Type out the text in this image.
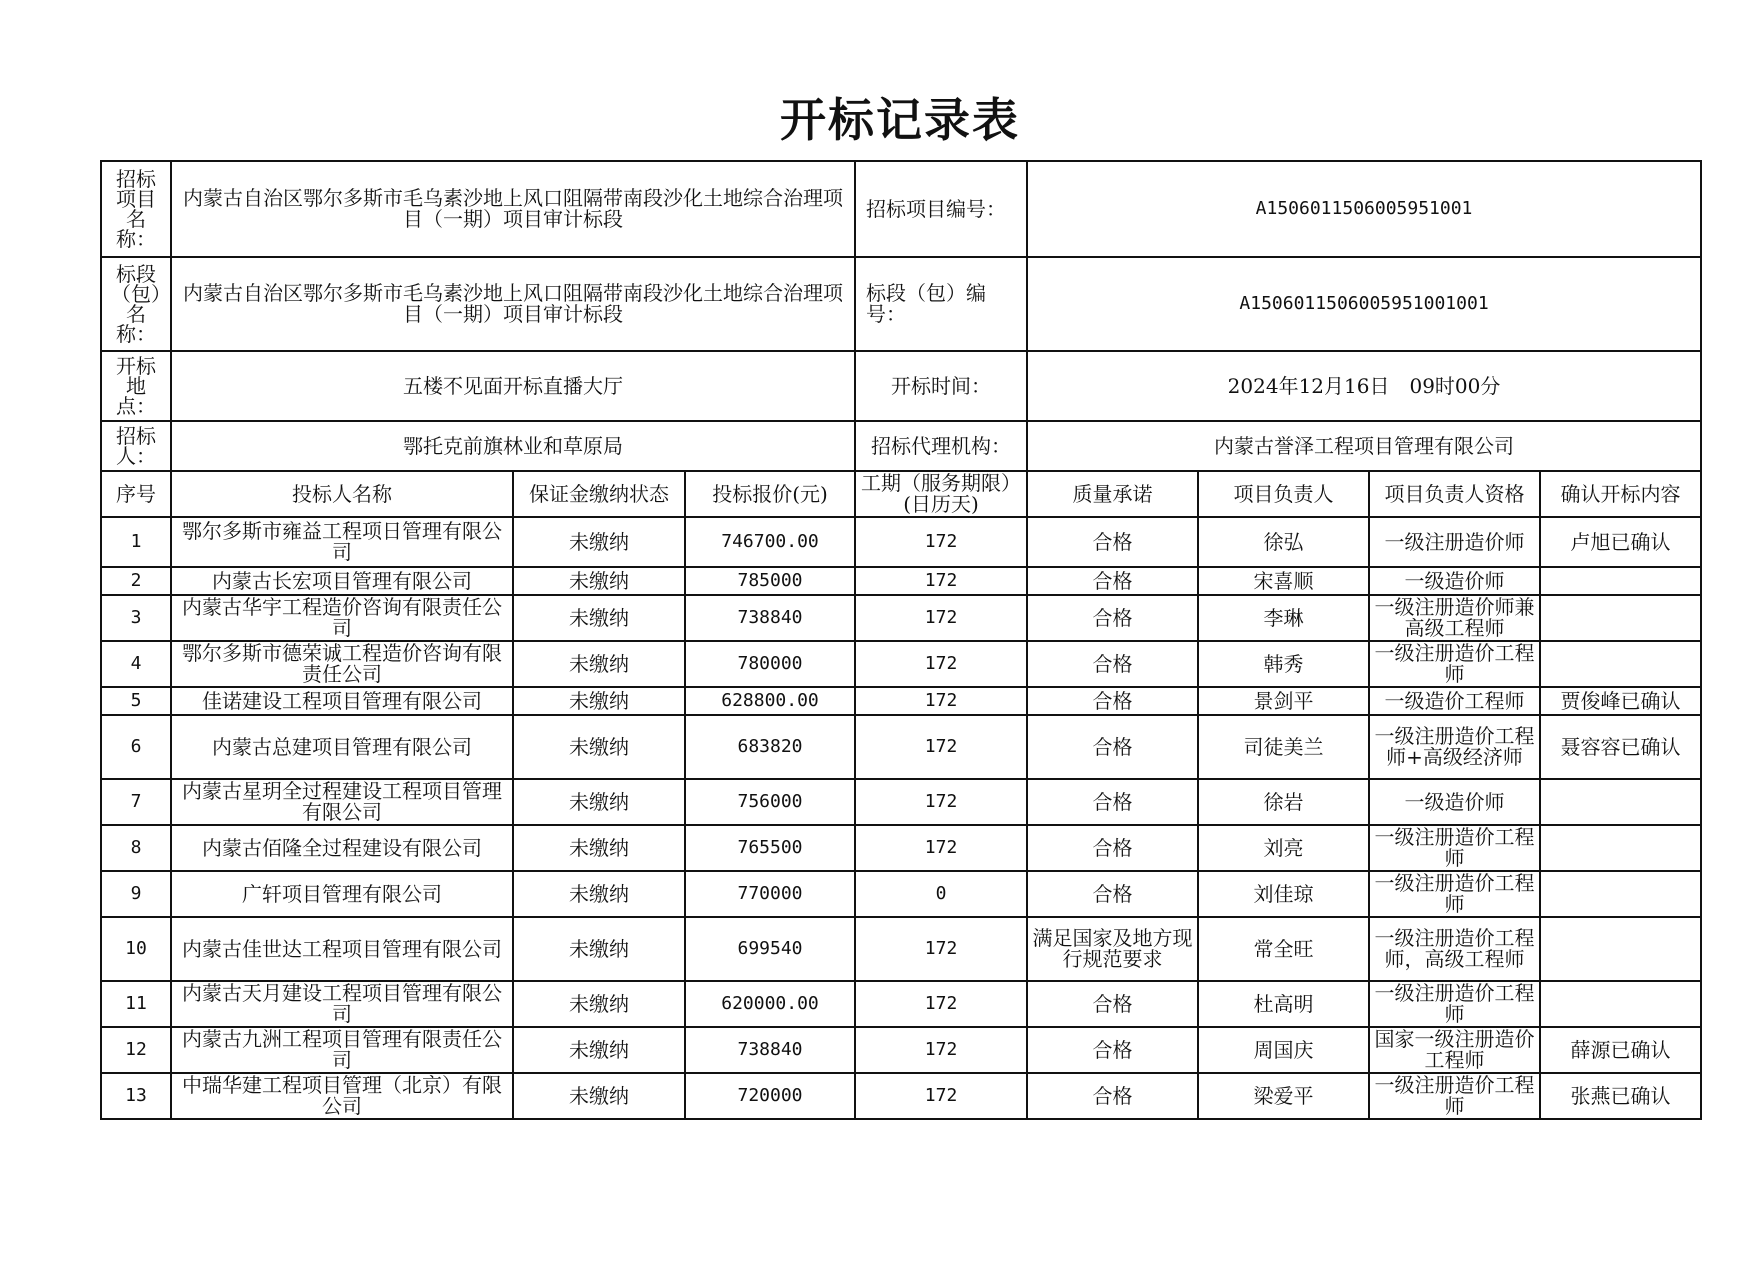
开标记录表
招标项目名称：	内蒙古自治区鄂尔多斯市毛乌素沙地上风口阻隔带南段沙化土地综合治理项目（一期）项目审计标段			招标项目编号：	A1506011506005951001			
标段（包）名称：	内蒙古自治区鄂尔多斯市毛乌素沙地上风口阻隔带南段沙化土地综合治理项目（一期）项目审计标段			标段（包）编号：	A1506011506005951001001			
开标地点：	五楼不见面开标直播大厅			开标时间：	2024年12月16日　09时00分			
招标人：	鄂托克前旗林业和草原局			招标代理机构：	内蒙古誉泽工程项目管理有限公司			
序号	投标人名称	保证金缴纳状态	投标报价(元)	工期（服务期限）(日历天)	质量承诺	项目负责人	项目负责人资格	确认开标内容
1	鄂尔多斯市雍益工程项日管理有限公司	未缴纳	746700.00	172	合格	徐弘	一级注册造价师	卢旭已确认
2	内蒙古长宏项目管理有限公司	未缴纳	785000	172	合格	宋喜顺	一级造价师	
3	内蒙古华宇工程造价咨询有限责任公司	未缴纳	738840	172	合格	李琳	一级注册造价师兼高级工程师	
4	鄂尔多斯市德荣诚工程造价咨询有限责任公司	未缴纳	780000	172	合格	韩秀	一级注册造价工程师	
5	佳诺建设工程项目管理有限公司	未缴纳	628800.00	172	合格	景剑平	一级造价工程师	贾俊峰已确认
6	内蒙古总建项目管理有限公司	未缴纳	683820	172	合格	司徒美兰	一级注册造价工程师+高级经济师	聂容容已确认
7	内蒙古星玥全过程建设工程项目管理有限公司	未缴纳	756000	172	合格	徐岩	一级造价师	
8	内蒙古佰隆全过程建设有限公司	未缴纳	765500	172	合格	刘亮	一级注册造价工程师	
9	广轩项目管理有限公司	未缴纳	770000	0	合格	刘佳琼	一级注册造价工程师	
10	内蒙古佳世达工程项目管理有限公司	未缴纳	699540	172	满足国家及地方现行规范要求	常全旺	一级注册造价工程师，高级工程师	
11	内蒙古天月建设工程项目管理有限公司	未缴纳	620000.00	172	合格	杜高明	一级注册造价工程师	
12	内蒙古九洲工程项目管理有限责任公司	未缴纳	738840	172	合格	周国庆	国家一级注册造价工程师	薛源已确认
13	中瑞华建工程项目管理（北京）有限公司	未缴纳	720000	172	合格	梁爱平	一级注册造价工程师	张燕已确认
